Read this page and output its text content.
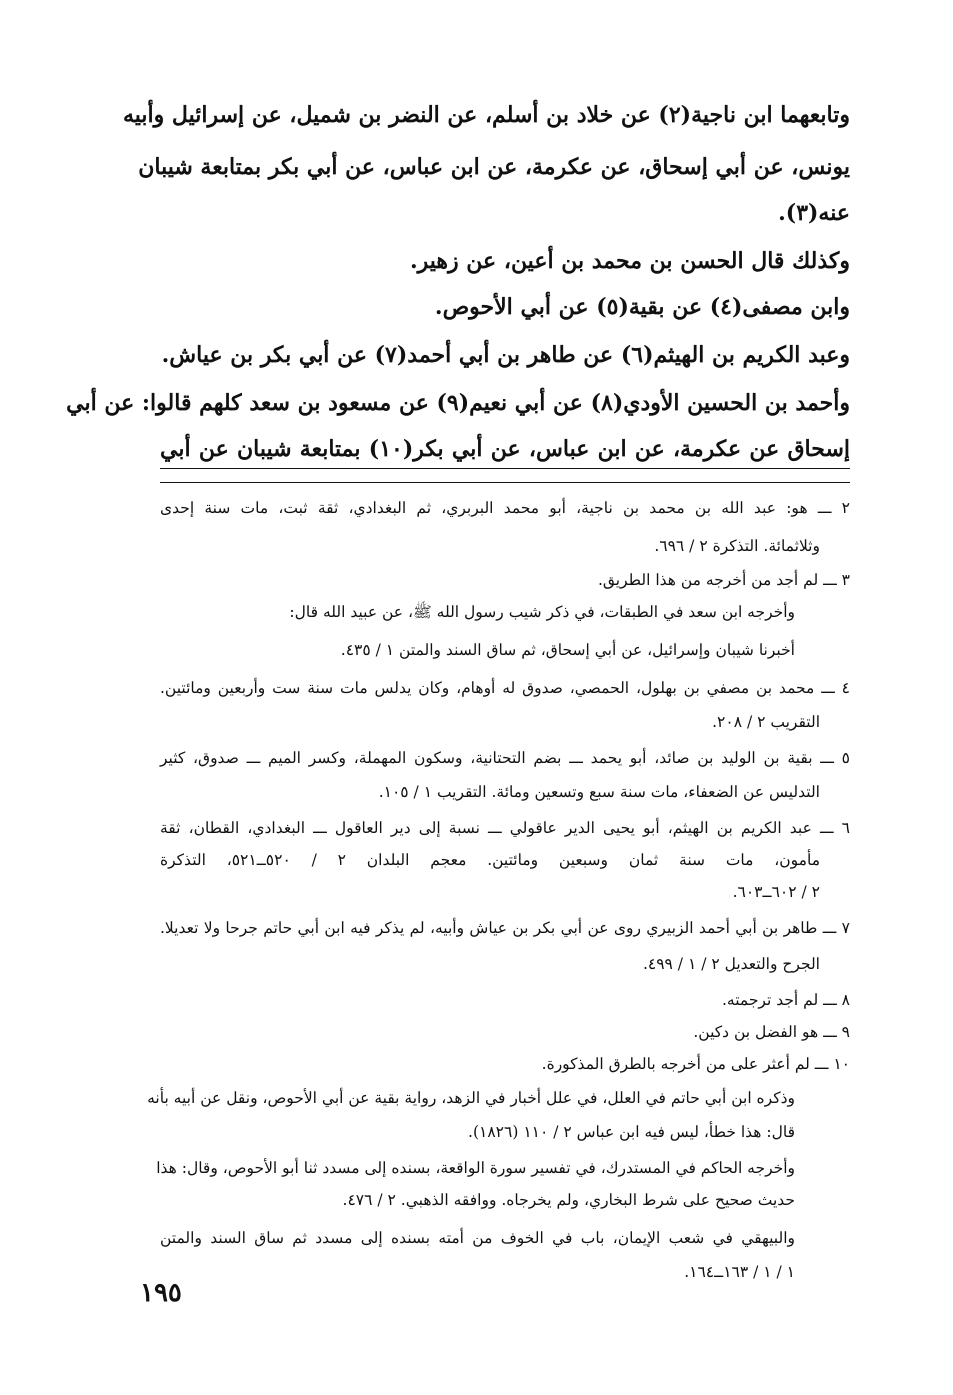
وتابعهما ابن ناجية(٢) عن خلاد بن أسلم، عن النضر بن شميل، عن إسرائيل وأبيه
يونس، عن أبي إسحاق، عن عكرمة، عن ابن عباس، عن أبي بكر بمتابعة شيبان
عنه(٣).
وكذلك قال الحسن بن محمد بن أعين، عن زهير.
وابن مصفى(٤) عن بقية(٥) عن أبي الأحوص.
وعبد الكريم بن الهيثم(٦) عن طاهر بن أبي أحمد(٧) عن أبي بكر بن عياش.
وأحمد بن الحسين الأودي(٨) عن أبي نعيم(٩) عن مسعود بن سعد كلهم قالوا: عن أبي
إسحاق عن عكرمة، عن ابن عباس، عن أبي بكر(١٠) بمتابعة شيبان عن أبي
٢ ـــ هو: عبد الله بن محمد بن ناجية، أبو محمد البربري، ثم البغدادي، ثقة ثبت، مات سنة إحدى
وثلاثمائة. التذكرة ٢ / ٦٩٦.
٣ ـــ لم أجد من أخرجه من هذا الطريق.
وأخرجه ابن سعد في الطبقات، في ذكر شيب رسول الله ﷺ، عن عبيد الله قال:
أخبرنا شيبان وإسرائيل، عن أبي إسحاق، ثم ساق السند والمتن ١ / ٤٣٥.
٤ ـــ محمد بن مصفي بن بهلول، الحمصي، صدوق له أوهام، وكان يدلس مات سنة ست وأربعين ومائتين.
التقريب ٢ / ٢٠٨.
٥ ـــ بقية بن الوليد بن صائد، أبو يحمد ـــ بضم التحتانية، وسكون المهملة، وكسر الميم ـــ صدوق، كثير
التدليس عن الضعفاء، مات سنة سبع وتسعين ومائة. التقريب ١ / ١٠٥.
٦ ـــ عبد الكريم بن الهيثم، أبو يحيى الدير عاقولي ـــ نسبة إلى دير العاقول ـــ البغدادي، القطان، ثقة
مأمون، مات سنة ثمان وسبعين ومائتين. معجم البلدان ٢ / ٥٢٠ــ٥٢١، التذكرة
٢ / ٦٠٢ــ٦٠٣.
٧ ـــ طاهر بن أبي أحمد الزبيري روى عن أبي بكر بن عياش وأبيه، لم يذكر فيه ابن أبي حاتم جرحا ولا تعديلا.
الجرح والتعديل ٢ / ١ / ٤٩٩.
٨ ـــ لم أجد ترجمته.
٩ ـــ هو الفضل بن دكين.
١٠ ـــ لم أعثر على من أخرجه بالطرق المذكورة.
وذكره ابن أبي حاتم في العلل، في علل أخبار في الزهد، رواية بقية عن أبي الأحوص، ونقل عن أبيه بأنه
قال: هذا خطأ، ليس فيه ابن عباس ٢ / ١١٠ (١٨٢٦).
وأخرجه الحاكم في المستدرك، في تفسير سورة الواقعة، بسنده إلى مسدد ثنا أبو الأحوص، وقال: هذا
حديث صحيح على شرط البخاري، ولم يخرجاه. ووافقه الذهبي. ٢ / ٤٧٦.
والبيهقي في شعب الإيمان، باب في الخوف من أمته بسنده إلى مسدد ثم ساق السند والمتن
١ / ١ / ١٦٣ــ١٦٤.
١٩٥
